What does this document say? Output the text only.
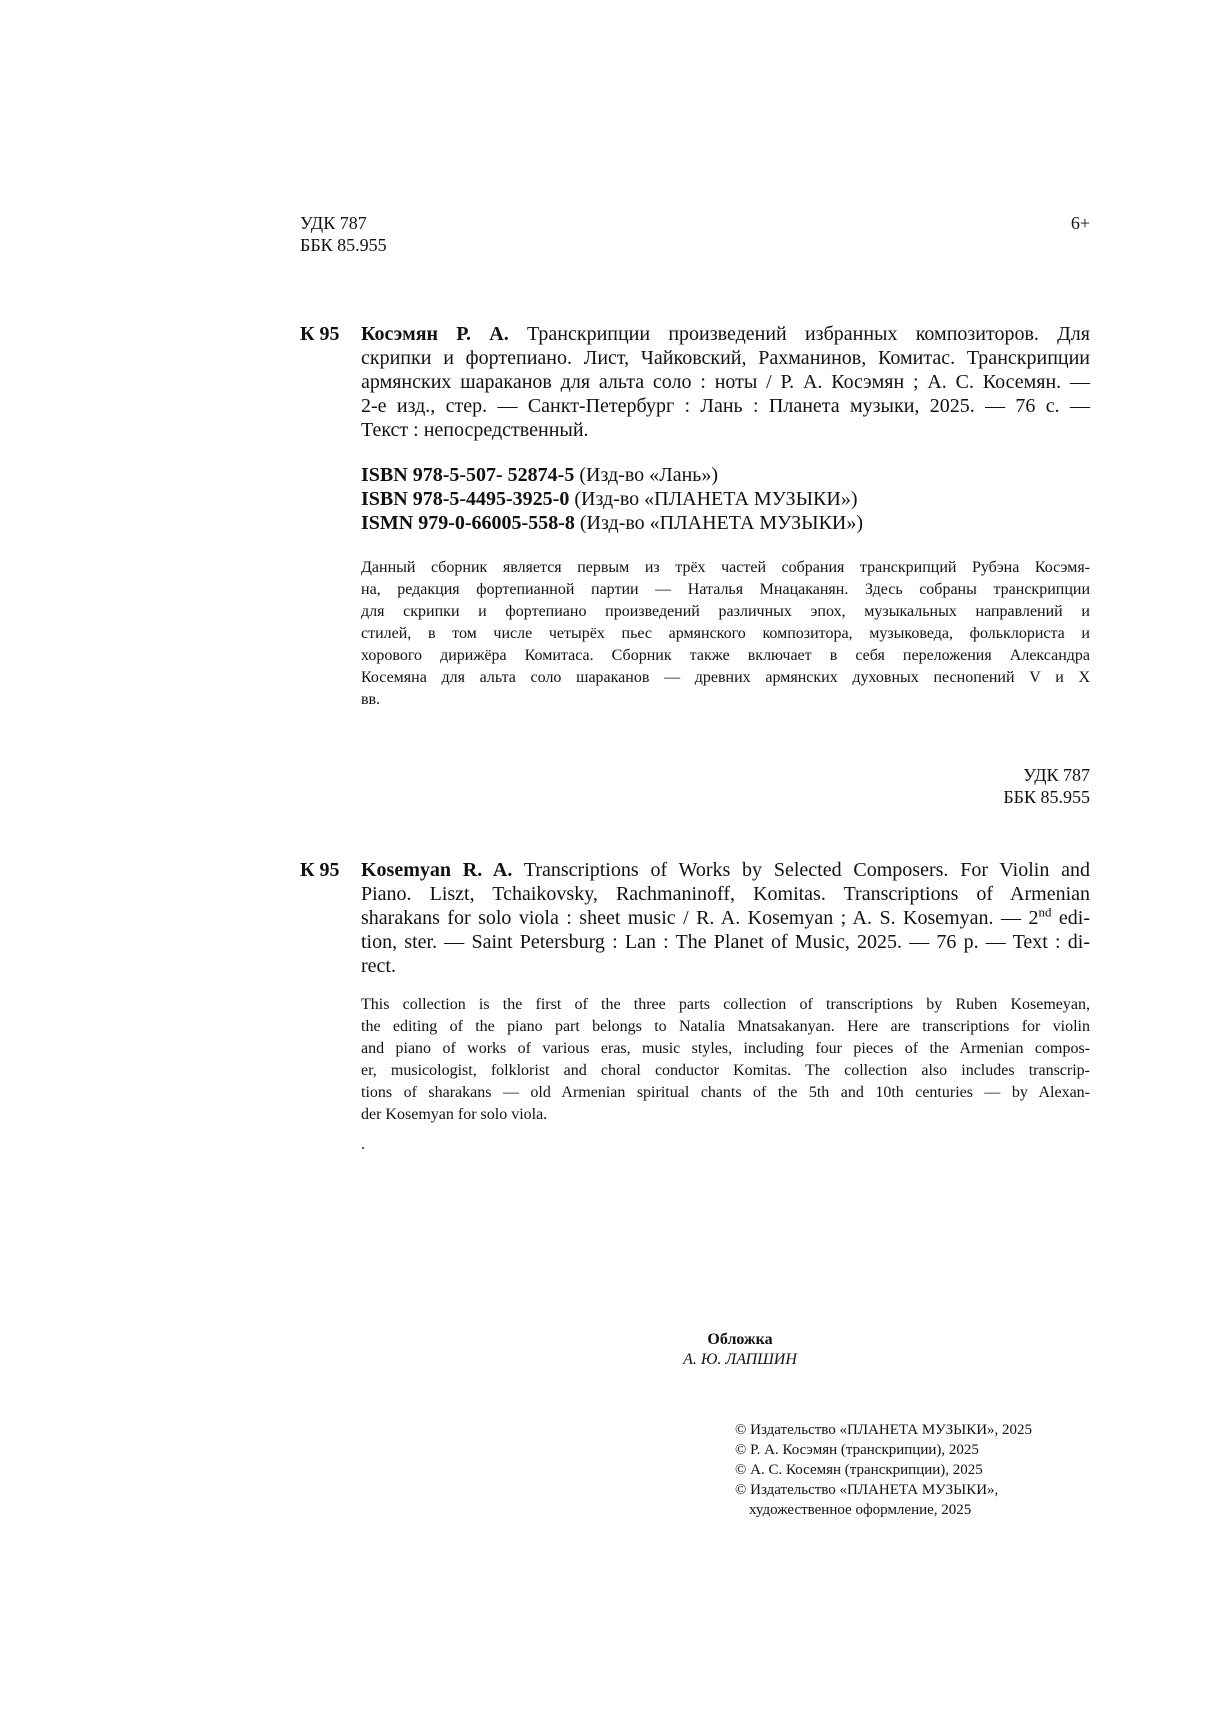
УДК 787
ББК 85.955
6+
К 95 Косэмян Р. А. Транскрипции произведений избранных композиторов. Для
скрипки и фортепиано. Лист, Чайковский, Рахманинов, Комитас. Транскрипции
армянских шараканов для альта соло : ноты / Р. А. Косэмян ; А. С. Косемян. —
2-е изд., стер. — Санкт-Петербург : Лань : Планета музыки, 2025. — 76 с. —
Текст : непосредственный.
ISBN 978-5-507- 52874-5 (Изд-во «Лань»)
ISBN 978-5-4495-3925-0 (Изд-во «ПЛАНЕТА МУЗЫКИ»)
ISMN 979-0-66005-558-8 (Изд-во «ПЛАНЕТА МУЗЫКИ»)
Данный сборник является первым из трёх частей собрания транскрипций Рубэна Косэмя-
на, редакция фортепианной партии — Наталья Мнацаканян. Здесь собраны транскрипции
для скрипки и фортепиано произведений различных эпох, музыкальных направлений и
стилей, в том числе четырёх пьес армянского композитора, музыковеда, фольклориста и
хорового дирижёра Комитаса. Сборник также включает в себя переложения Александра
Косемяна для альта соло шараканов — древних армянских духовных песнопений V и X
вв.
УДК 787
ББК 85.955
К 95 Kosemyan R. A. Transcriptions of Works by Selected Composers. For Violin and
Piano. Liszt, Tchaikovsky, Rachmaninoff, Komitas. Transcriptions of Armenian
sharakans for solo viola : sheet music / R. A. Kosemyan ; A. S. Kosemyan. — 2nd edi-
tion, ster. — Saint Petersburg : Lan : The Planet of Music, 2025. — 76 p. — Text : di-
rect.
This collection is the first of the three parts collection of transcriptions by Ruben Kosemeyan,
the editing of the piano part belongs to Natalia Mnatsakanyan. Here are transcriptions for violin
and piano of works of various eras, music styles, including four pieces of the Armenian compos-
er, musicologist, folklorist and choral conductor Komitas. The collection also includes transcrip-
tions of sharakans — old Armenian spiritual chants of the 5th and 10th centuries — by Alexan-
der Kosemyan for solo viola.
.
Обложка
А. Ю. ЛАПШИН
© Издательство «ПЛАНЕТА МУЗЫКИ», 2025
© Р. А. Косэмян (транскрипции), 2025
© А. С. Косемян (транскрипции), 2025
© Издательство «ПЛАНЕТА МУЗЫКИ»,
художественное оформление, 2025
